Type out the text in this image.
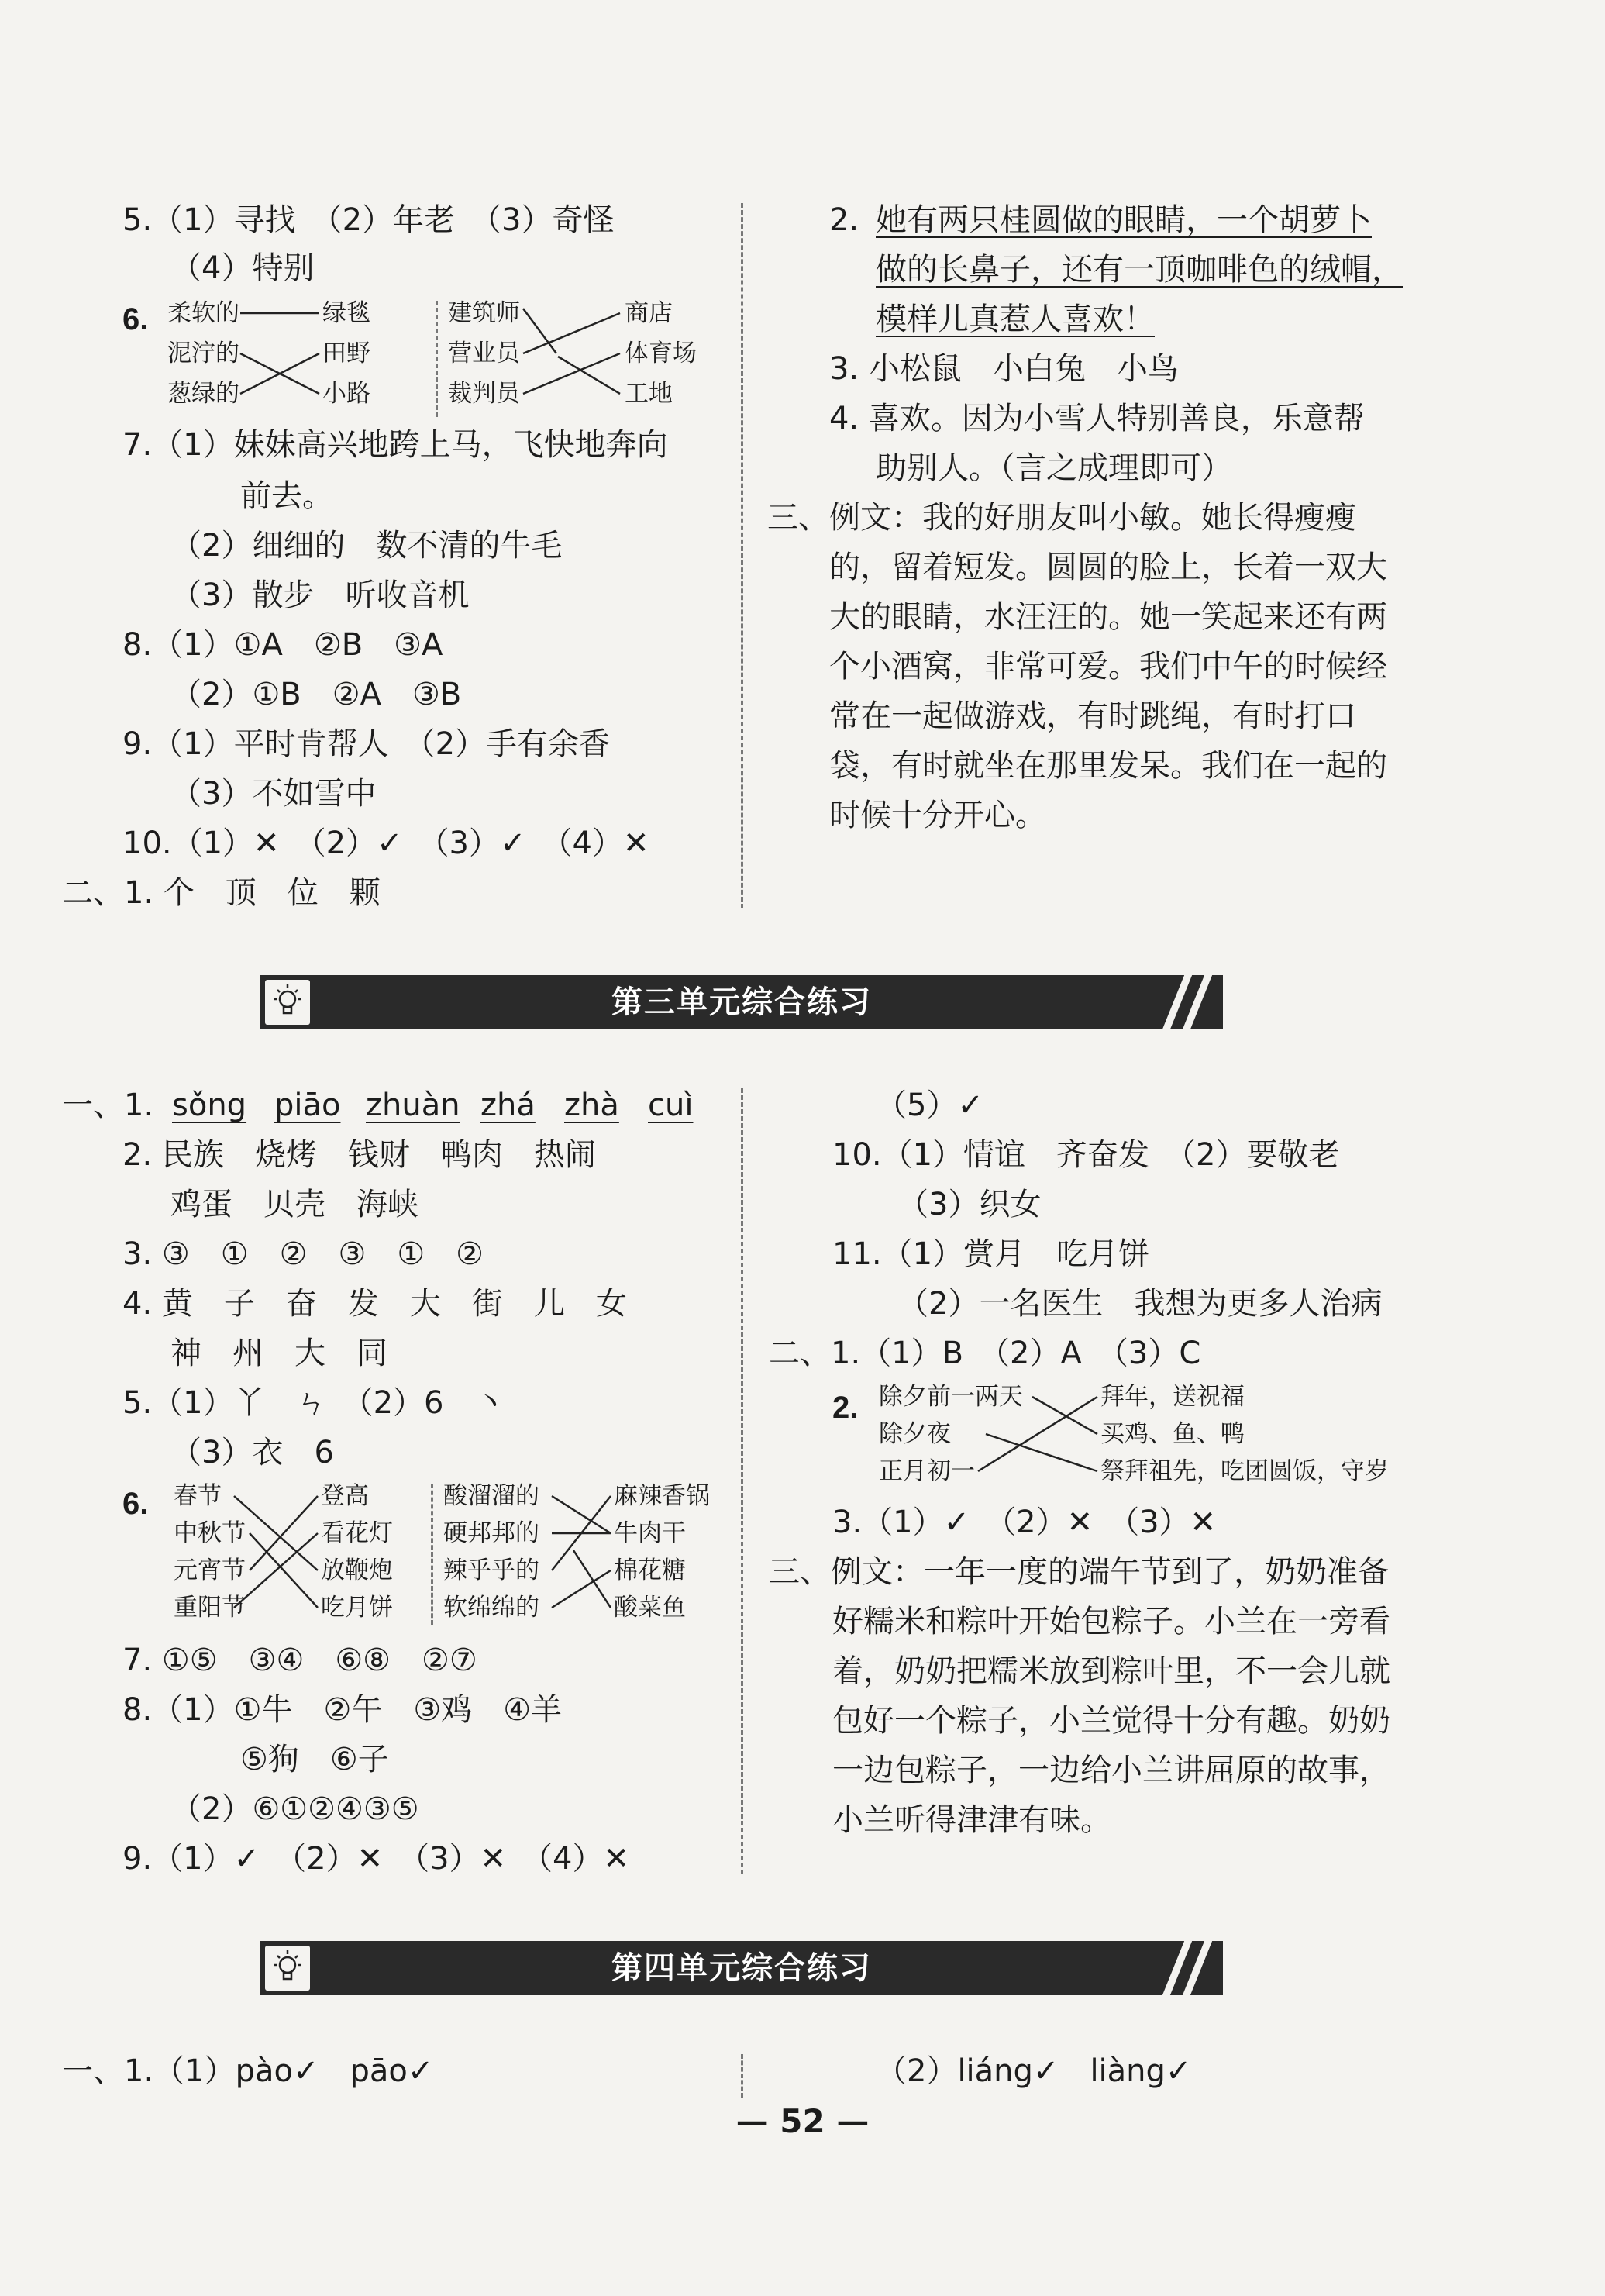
5.（1）寻找　（2）年老　（3）奇怪
（4）特别
6. 柔软的
泥泞的
葱绿的
绿毯
田野
小路
建筑师
营业员
裁判员
商店
体育场
工地
7.（1）妹妹高兴地跨上马，飞快地奔向
前去。
（2）细细的　数不清的牛毛
（3）散步　听收音机
8.（1）①A　②B　③A
（2）①B　②A　③B
9.（1）平时肯帮人　（2）手有余香
（3）不如雪中
10.（1）✕　（2）✓　（3）✓　（4）✕
二、1. 个　顶　位　颗
2. 她有两只桂圆做的眼睛，一个胡萝卜
做的长鼻子，还有一顶咖啡色的绒帽，
模样儿真惹人喜欢！
3. 小松鼠　小白兔　小鸟
4. 喜欢。因为小雪人特别善良，乐意帮
助别人。（言之成理即可）
三、例文：我的好朋友叫小敏。她长得瘦瘦
的，留着短发。圆圆的脸上，长着一双大
大的眼睛，水汪汪的。她一笑起来还有两
个小酒窝，非常可爱。我们中午的时候经
常在一起做游戏，有时跳绳，有时打口
袋，有时就坐在那里发呆。我们在一起的
时候十分开心。
第三单元综合练习
一、1. sǒng piāo zhuàn zhá zhà cuì
2. 民族　烧烤　钱财　鸭肉　热闹
鸡蛋　贝壳　海峡
3. ③　①　②　③　①　②
4. 黄　子　奋　发　大　街　儿　女
神　州　大　同
5.（1）丫　ㄣ　（2）6　丶
（3）衣　6
6. 春节
中秋节
元宵节
重阳节
登高
看花灯
放鞭炮
吃月饼
酸溜溜的
硬邦邦的
辣乎乎的
软绵绵的
麻辣香锅
牛肉干
棉花糖
酸菜鱼
7. ①⑤　③④　⑥⑧　②⑦
8.（1）①牛　②午　③鸡　④羊
⑤狗　⑥子
（2）⑥①②④③⑤
9.（1）✓　（2）✕　（3）✕　（4）✕
（5）✓
10.（1）情谊　齐奋发　（2）要敬老
（3）织女
11.（1）赏月　吃月饼
（2）一名医生　我想为更多人治病
二、1.（1）B　（2）A　（3）C
2. 除夕前一两天
除夕夜
正月初一
拜年，送祝福
买鸡、鱼、鸭
祭拜祖先，吃团圆饭，守岁
3.（1）✓　（2）✕　（3）✕
三、例文：一年一度的端午节到了，奶奶准备
好糯米和粽叶开始包粽子。小兰在一旁看
着，奶奶把糯米放到粽叶里，不一会儿就
包好一个粽子，小兰觉得十分有趣。奶奶
一边包粽子，一边给小兰讲屈原的故事，
小兰听得津津有味。
第四单元综合练习
一、1.（1）pào✓　pāo✓	（2）liáng✓　liàng✓
— 52 —
